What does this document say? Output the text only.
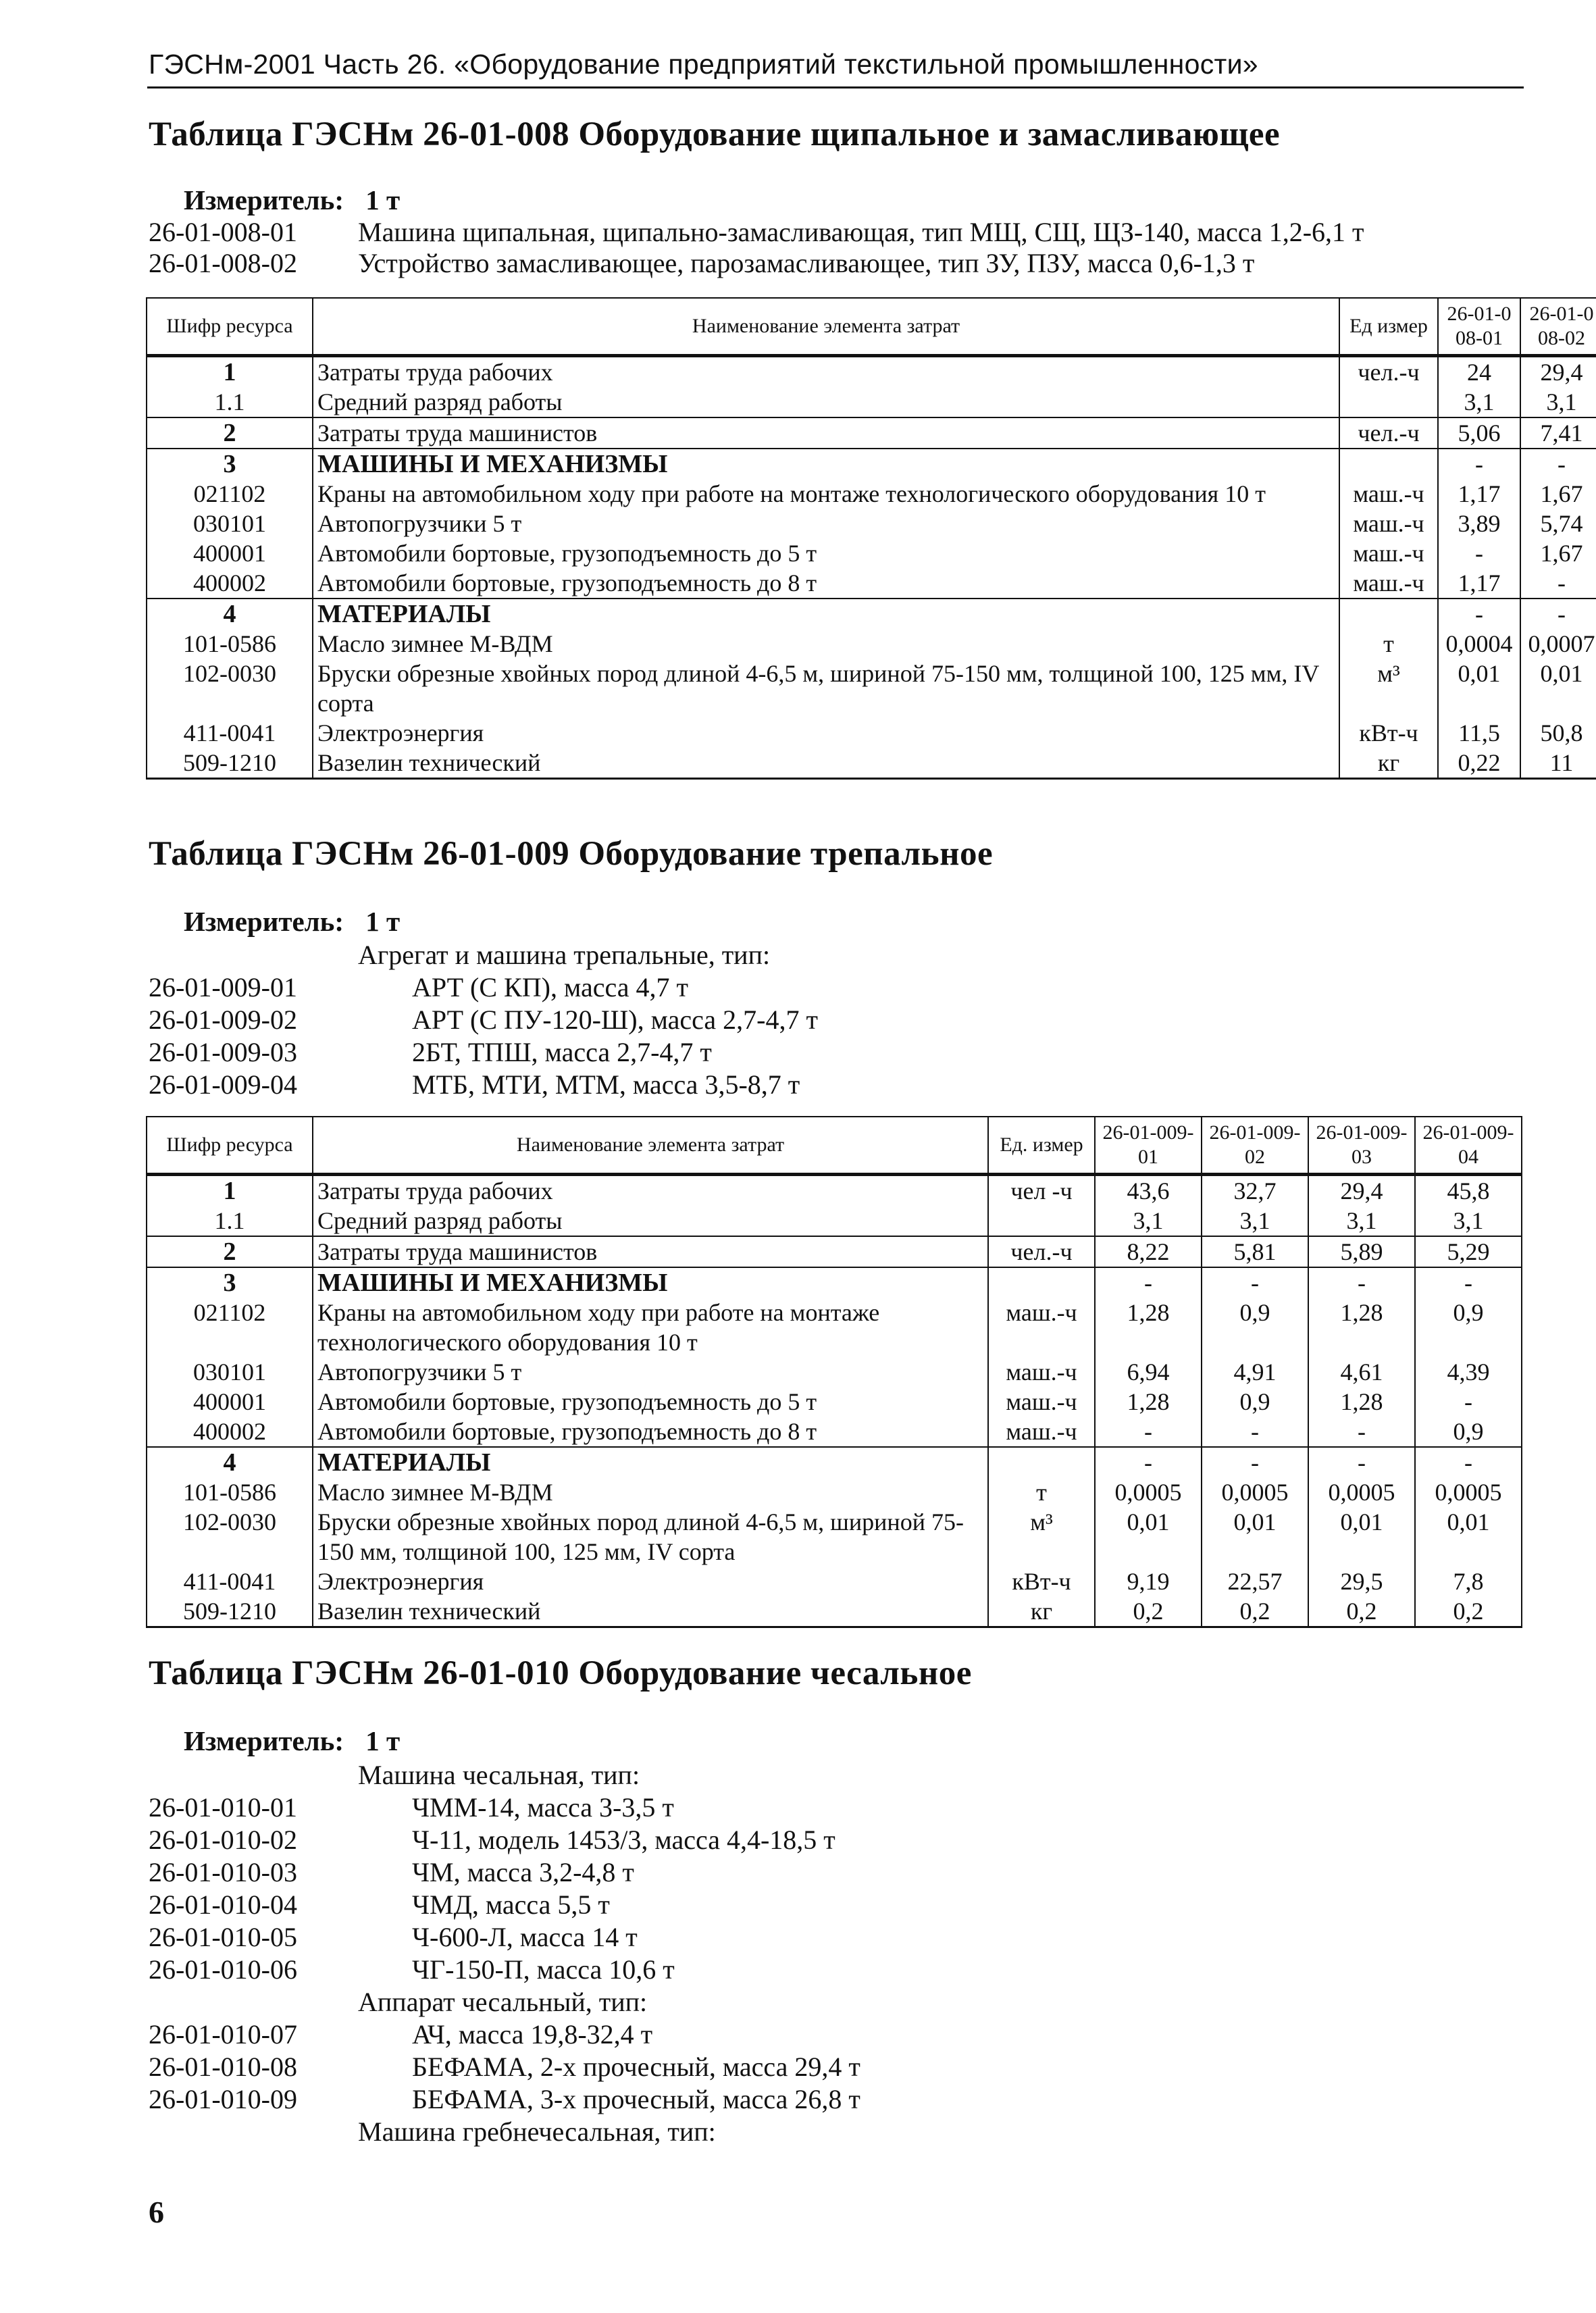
ГЭСНм-2001 Часть 26. «Оборудование предприятий текстильной промышленности»
Таблица ГЭСНм 26-01-008 Оборудование щипальное и замасливающее
Измеритель: 1 т
26-01-008-01	Машина щипальная, щипально-замасливающая, тип МЩ, СЩ, ЩЗ-140, масса 1,2-6,1 т
26-01-008-02	Устройство замасливающее, парозамасливающее, тип ЗУ, ПЗУ, масса 0,6-1,3 т
Шифр ресурса	Наименование элемента затрат	Ед измер	26-01-008-01	26-01-008-02
1	Затраты труда рабочих	чел.-ч	24	29,4
1.1	Средний разряд работы		3,1	3,1
2	Затраты труда машинистов	чел.-ч	5,06	7,41
3	МАШИНЫ И МЕХАНИЗМЫ		-	-
021102	Краны на автомобильном ходу при работе на монтаже технологического оборудования 10 т	маш.-ч	1,17	1,67
030101	Автопогрузчики 5 т	маш.-ч	3,89	5,74
400001	Автомобили бортовые, грузоподъемность до 5 т	маш.-ч	-	1,67
400002	Автомобили бортовые, грузоподъемность до 8 т	маш.-ч	1,17	-
4	МАТЕРИАЛЫ		-	-
101-0586	Масло зимнее М-ВДМ	т	0,0004	0,0007
102-0030	Бруски обрезные хвойных пород длиной 4-6,5 м, шириной 75-150 мм, толщиной 100, 125 мм, IV сорта	м³	0,01	0,01
411-0041	Электроэнергия	кВт-ч	11,5	50,8
509-1210	Вазелин технический	кг	0,22	11
Таблица ГЭСНм 26-01-009 Оборудование трепальное
Измеритель: 1 т
Агрегат и машина трепальные, тип:
26-01-009-01	АРТ (С КП), масса 4,7 т
26-01-009-02	АРТ (С ПУ-120-Ш), масса 2,7-4,7 т
26-01-009-03	2БТ, ТПШ, масса 2,7-4,7 т
26-01-009-04	МТБ, МТИ, МТМ, масса 3,5-8,7 т
Шифр ресурса	Наименование элемента затрат	Ед. измер	26-01-009-01	26-01-009-02	26-01-009-03	26-01-009-04
1	Затраты труда рабочих	чел -ч	43,6	32,7	29,4	45,8
1.1	Средний разряд работы		3,1	3,1	3,1	3,1
2	Затраты труда машинистов	чел.-ч	8,22	5,81	5,89	5,29
3	МАШИНЫ И МЕХАНИЗМЫ		-	-	-	-
021102	Краны на автомобильном ходу при работе на монтаже технологического оборудования 10 т	маш.-ч	1,28	0,9	1,28	0,9
030101	Автопогрузчики 5 т	маш.-ч	6,94	4,91	4,61	4,39
400001	Автомобили бортовые, грузоподъемность до 5 т	маш.-ч	1,28	0,9	1,28	-
400002	Автомобили бортовые, грузоподъемность до 8 т	маш.-ч	-	-	-	0,9
4	МАТЕРИАЛЫ		-	-	-	-
101-0586	Масло зимнее М-ВДМ	т	0,0005	0,0005	0,0005	0,0005
102-0030	Бруски обрезные хвойных пород длиной 4-6,5 м, шириной 75-150 мм, толщиной 100, 125 мм, IV сорта	м³	0,01	0,01	0,01	0,01
411-0041	Электроэнергия	кВт-ч	9,19	22,57	29,5	7,8
509-1210	Вазелин технический	кг	0,2	0,2	0,2	0,2
Таблица ГЭСНм 26-01-010 Оборудование чесальное
Измеритель: 1 т
Машина чесальная, тип:
26-01-010-01	ЧММ-14, масса 3-3,5 т
26-01-010-02	Ч-11, модель 1453/3, масса 4,4-18,5 т
26-01-010-03	ЧМ, масса 3,2-4,8 т
26-01-010-04	ЧМД, масса 5,5 т
26-01-010-05	Ч-600-Л, масса 14 т
26-01-010-06	ЧГ-150-П, масса 10,6 т
Аппарат чесальный, тип:
26-01-010-07	АЧ, масса 19,8-32,4 т
26-01-010-08	БЕФАМА, 2-х прочесный, масса 29,4 т
26-01-010-09	БЕФАМА, 3-х прочесный, масса 26,8 т
Машина гребнечесальная, тип:
6
